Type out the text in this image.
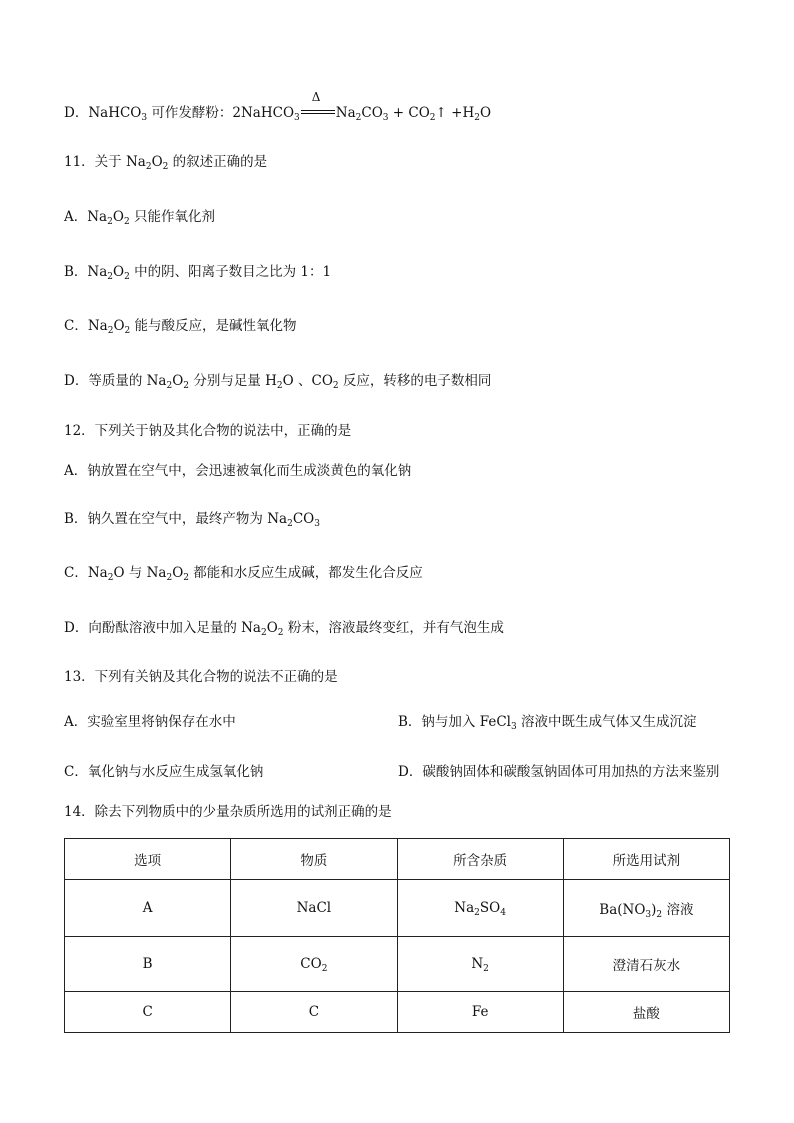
D．NaHCO$_3$ 可作发酵粉：2NaHCO$_3$
Δ
$Na_2CO_3$ + $CO_2↑ +H_2O$
11．关于 $Na_2O_2$ 的叙述正确的是
A．$Na_2O_2$ 只能作氧化剂
B．$Na_2O_2$ 中的阴、阳离子数目之比为 1：1
C．$Na_2O_2$ 能与酸反应，是碱性氧化物
D．等质量的 $Na_2O_2$ 分别与足量 $H_2O$ 、$CO_2$ 反应，转移的电子数相同
12．下列关于钠及其化合物的说法中，正确的是
A．钠放置在空气中，会迅速被氧化而生成淡黄色的氧化钠
B．钠久置在空气中，最终产物为 $Na_2CO_3$
C．$Na_2O$ 与 $Na_2O_2$ 都能和水反应生成碱，都发生化合反应
D．向酚酞溶液中加入足量的 $Na_2O_2$ 粉末，溶液最终变红，并有气泡生成
13．下列有关钠及其化合物的说法不正确的是
A．实验室里将钠保存在水中	B．钠与加入 FeCl$_3$ 溶液中既生成气体又生成沉淀
C．氧化钠与水反应生成氢氧化钠	D．碳酸钠固体和碳酸氢钠固体可用加热的方法来鉴别
14．除去下列物质中的少量杂质所选用的试剂正确的是
选项	物质	所含杂质	所选用试剂
A	NaCl	$Na_2SO_4$	$Ba(NO_3)_2$ 溶液
B	$CO_2$	$N_2$	澄清石灰水
C	C	Fe	盐酸
